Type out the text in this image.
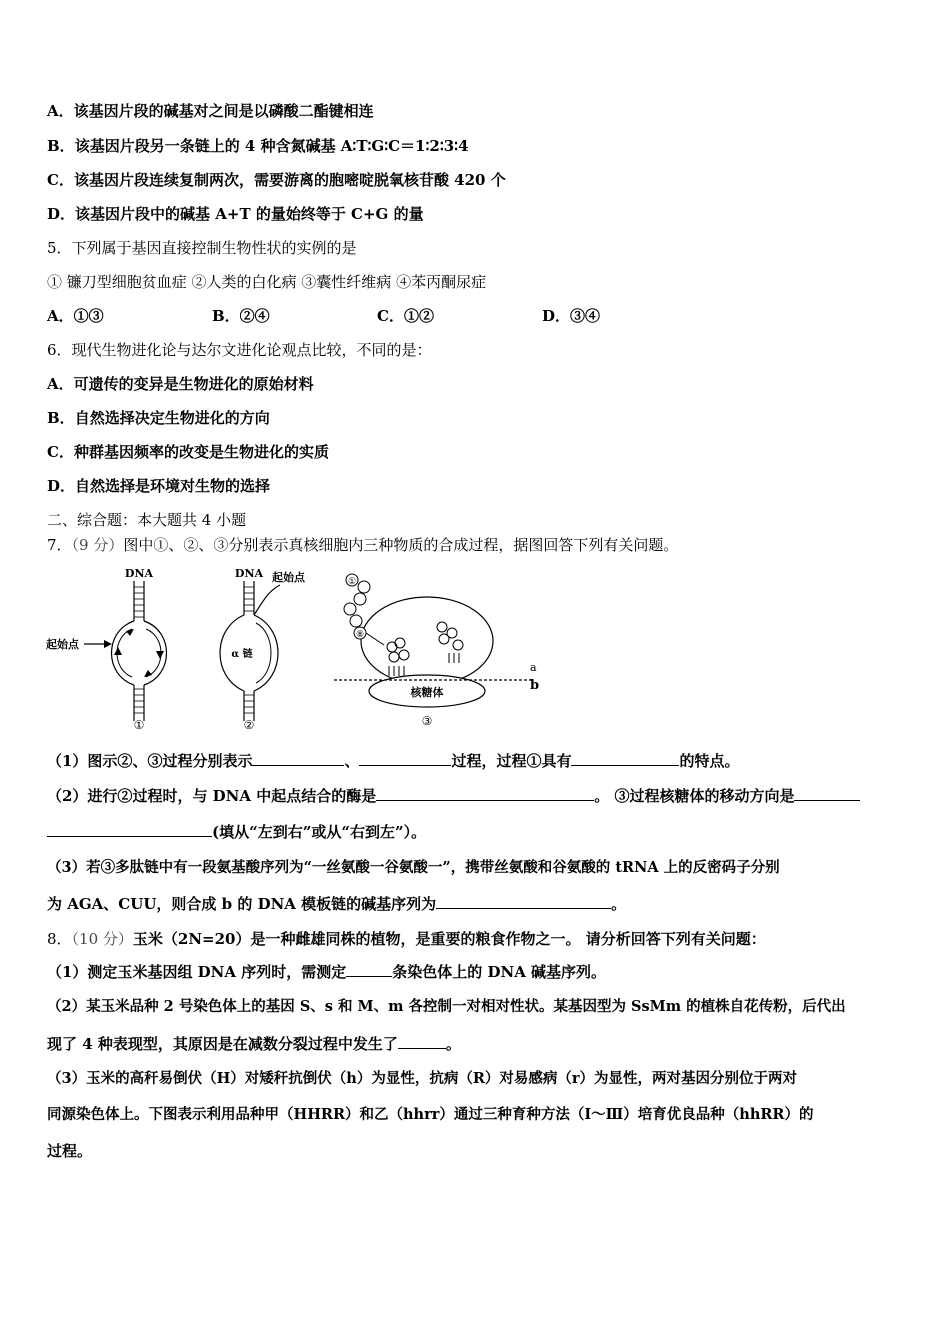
A．该基因片段的碱基对之间是以磷酸二酯键相连
B．该基因片段另一条链上的 4 种含氮碱基 A∶T∶G∶C＝1∶2∶3∶4
C．该基因片段连续复制两次，需要游离的胞嘧啶脱氧核苷酸 420 个
D．该基因片段中的碱基 A+T 的量始终等于 C+G 的量
5．下列属于基因直接控制生物性状的实例的是
① 镰刀型细胞贫血症 ②人类的白化病 ③囊性纤维病 ④苯丙酮尿症
A．①③	B．②④	C．①②	D．③④
6．现代生物进化论与达尔文进化论观点比较，不同的是：
A．可遗传的变异是生物进化的原始材料
B．自然选择决定生物进化的方向
C．种群基因频率的改变是生物进化的实质
D．自然选择是环境对生物的选择
二、综合题：本大题共 4 小题
7．（9 分）图中①、②、③分别表示真核细胞内三种物质的合成过程，据图回答下列有关问题。
DNA
起始点
①
DNA
α 链
起始点
②
①
⑧
核糖体
a
b
③
（1）图示②、③过程分别表示	、	过程，过程①具有	的特点。
（2）进行②过程时，与 DNA 中起点结合的酶是	。 ③过程核糖体的移动方向是
(填从“左到右”或从“右到左”）。
（3）若③多肽链中有一段氨基酸序列为“一丝氨酸一谷氨酸一”，携带丝氨酸和谷氨酸的 tRNA 上的反密码子分别
为 AGA、CUU，则合成 b 的 DNA 模板链的碱基序列为	。
8．（10 分）玉米（2N=20）是一种雌雄同株的植物，是重要的粮食作物之一。 请分析回答下列有关问题：
（1）测定玉米基因组 DNA 序列时，需测定	条染色体上的 DNA 碱基序列。
（2）某玉米品种 2 号染色体上的基因 S、s 和 M、m 各控制一对相对性状。某基因型为 SsMm 的植株自花传粉，后代出
现了 4 种表现型，其原因是在减数分裂过程中发生了	。
（3）玉米的高秆易倒伏（H）对矮秆抗倒伏（h）为显性，抗病（R）对易感病（r）为显性，两对基因分别位于两对
同源染色体上。下图表示利用品种甲（HHRR）和乙（hhrr）通过三种育种方法（Ⅰ～Ⅲ）培育优良品种（hhRR）的
过程。
